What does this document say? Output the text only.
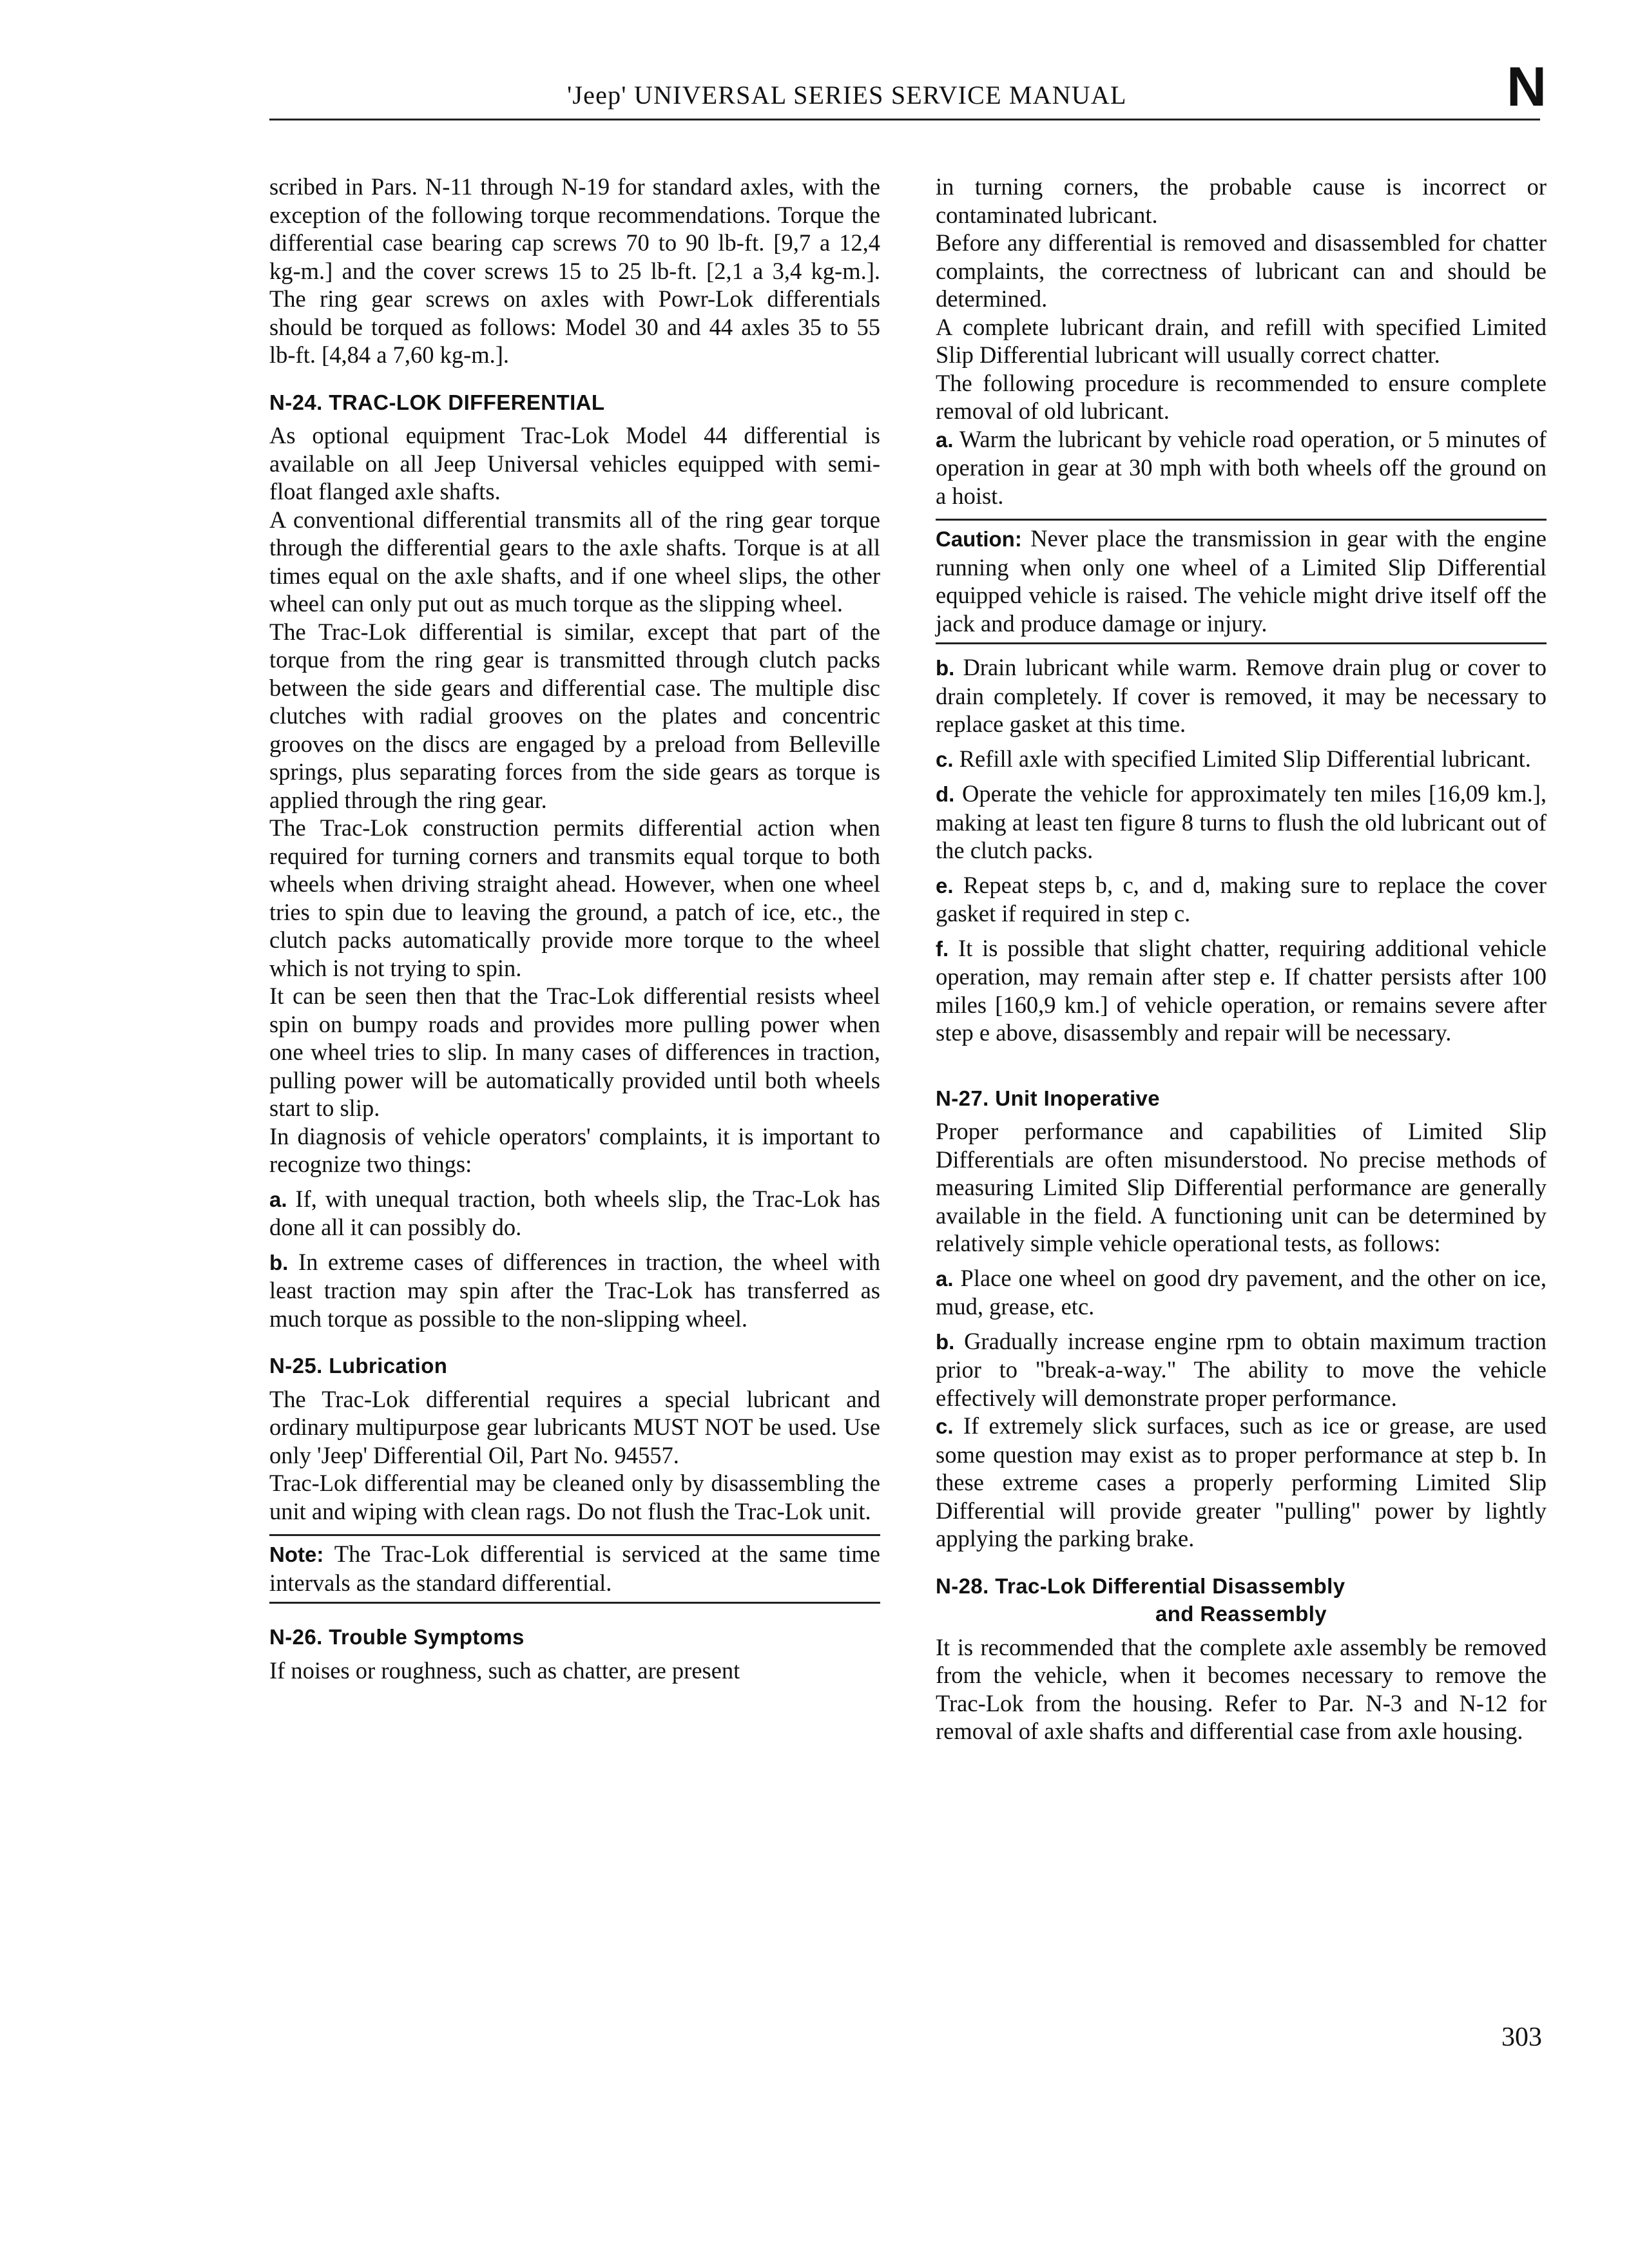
'Jeep' UNIVERSAL SERIES SERVICE MANUAL	N

scribed in Pars. N-11 through N-19 for standard axles, with the exception of the following torque recommendations. Torque the differential case bearing cap screws 70 to 90 lb-ft. [9,7 a 12,4 kg-m.] and the cover screws 15 to 25 lb-ft. [2,1 a 3,4 kg-m.]. The ring gear screws on axles with Powr-Lok differentials should be torqued as follows: Model 30 and 44 axles 35 to 55 lb-ft. [4,84 a 7,60 kg-m.].

N-24. TRAC-LOK DIFFERENTIAL

As optional equipment Trac-Lok Model 44 differential is available on all Jeep Universal vehicles equipped with semi-float flanged axle shafts.

A conventional differential transmits all of the ring gear torque through the differential gears to the axle shafts. Torque is at all times equal on the axle shafts, and if one wheel slips, the other wheel can only put out as much torque as the slipping wheel.

The Trac-Lok differential is similar, except that part of the torque from the ring gear is transmitted through clutch packs between the side gears and differential case. The multiple disc clutches with radial grooves on the plates and concentric grooves on the discs are engaged by a preload from Belleville springs, plus separating forces from the side gears as torque is applied through the ring gear.

The Trac-Lok construction permits differential action when required for turning corners and transmits equal torque to both wheels when driving straight ahead. However, when one wheel tries to spin due to leaving the ground, a patch of ice, etc., the clutch packs automatically provide more torque to the wheel which is not trying to spin.

It can be seen then that the Trac-Lok differential resists wheel spin on bumpy roads and provides more pulling power when one wheel tries to slip. In many cases of differences in traction, pulling power will be automatically provided until both wheels start to slip.

In diagnosis of vehicle operators' complaints, it is important to recognize two things:

a. If, with unequal traction, both wheels slip, the Trac-Lok has done all it can possibly do.

b. In extreme cases of differences in traction, the wheel with least traction may spin after the Trac-Lok has transferred as much torque as possible to the non-slipping wheel.

N-25. Lubrication

The Trac-Lok differential requires a special lubricant and ordinary multipurpose gear lubricants MUST NOT be used. Use only 'Jeep' Differential Oil, Part No. 94557.

Trac-Lok differential may be cleaned only by disassembling the unit and wiping with clean rags. Do not flush the Trac-Lok unit.

Note: The Trac-Lok differential is serviced at the same time intervals as the standard differential.
N-26. Trouble Symptoms

If noises or roughness, such as chatter, are present

in turning corners, the probable cause is incorrect or contaminated lubricant.

Before any differential is removed and disassembled for chatter complaints, the correctness of lubricant can and should be determined.

A complete lubricant drain, and refill with specified Limited Slip Differential lubricant will usually correct chatter.

The following procedure is recommended to ensure complete removal of old lubricant.

a. Warm the lubricant by vehicle road operation, or 5 minutes of operation in gear at 30 mph with both wheels off the ground on a hoist.

Caution: Never place the transmission in gear with the engine running when only one wheel of a Limited Slip Differential equipped vehicle is raised. The vehicle might drive itself off the jack and produce damage or injury.

b. Drain lubricant while warm. Remove drain plug or cover to drain completely. If cover is removed, it may be necessary to replace gasket at this time.

c. Refill axle with specified Limited Slip Differential lubricant.

d. Operate the vehicle for approximately ten miles [16,09 km.], making at least ten figure 8 turns to flush the old lubricant out of the clutch packs.

e. Repeat steps b, c, and d, making sure to replace the cover gasket if required in step c.

f. It is possible that slight chatter, requiring additional vehicle operation, may remain after step e. If chatter persists after 100 miles [160,9 km.] of vehicle operation, or remains severe after step e above, disassembly and repair will be necessary.

N-27. Unit Inoperative

Proper performance and capabilities of Limited Slip Differentials are often misunderstood. No precise methods of measuring Limited Slip Differential performance are generally available in the field. A functioning unit can be determined by relatively simple vehicle operational tests, as follows:

a. Place one wheel on good dry pavement, and the other on ice, mud, grease, etc.

b. Gradually increase engine rpm to obtain maximum traction prior to "break-a-way." The ability to move the vehicle effectively will demonstrate proper performance.

c. If extremely slick surfaces, such as ice or grease, are used some question may exist as to proper performance at step b. In these extreme cases a properly performing Limited Slip Differential will provide greater "pulling" power by lightly applying the parking brake.

N-28. Trac-Lok Differential Disassembly
and Reassembly

It is recommended that the complete axle assembly be removed from the vehicle, when it becomes necessary to remove the Trac-Lok from the housing. Refer to Par. N-3 and N-12 for removal of axle shafts and differential case from axle housing.

303
